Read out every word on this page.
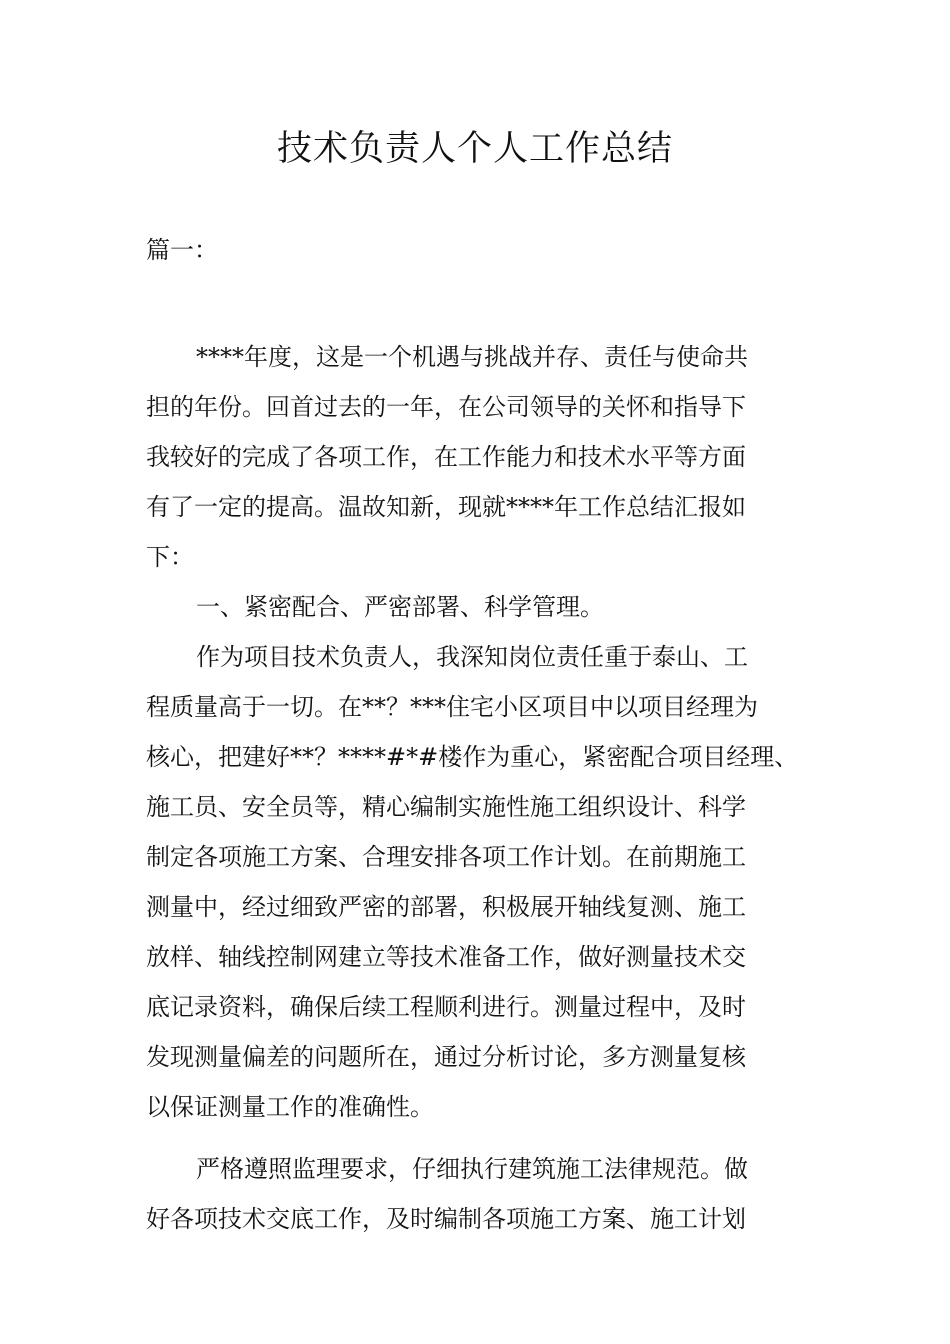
技术负责人个人工作总结

篇一：

****年度，这是一个机遇与挑战并存、责任与使命共
担的年份。回首过去的一年，在公司领导的关怀和指导下
我较好的完成了各项工作，在工作能力和技术水平等方面
有了一定的提高。温故知新，现就****年工作总结汇报如
下：
一、紧密配合、严密部署、科学管理。
作为项目技术负责人，我深知岗位责任重于泰山、工
程质量高于一切。在**？***住宅小区项目中以项目经理为
核心，把建好**？****#*#楼作为重心，紧密配合项目经理、
施工员、安全员等，精心编制实施性施工组织设计、科学
制定各项施工方案、合理安排各项工作计划。在前期施工
测量中，经过细致严密的部署，积极展开轴线复测、施工
放样、轴线控制网建立等技术准备工作，做好测量技术交
底记录资料，确保后续工程顺利进行。测量过程中，及时
发现测量偏差的问题所在，通过分析讨论，多方测量复核
以保证测量工作的准确性。
严格遵照监理要求，仔细执行建筑施工法律规范。做
好各项技术交底工作，及时编制各项施工方案、施工计划
